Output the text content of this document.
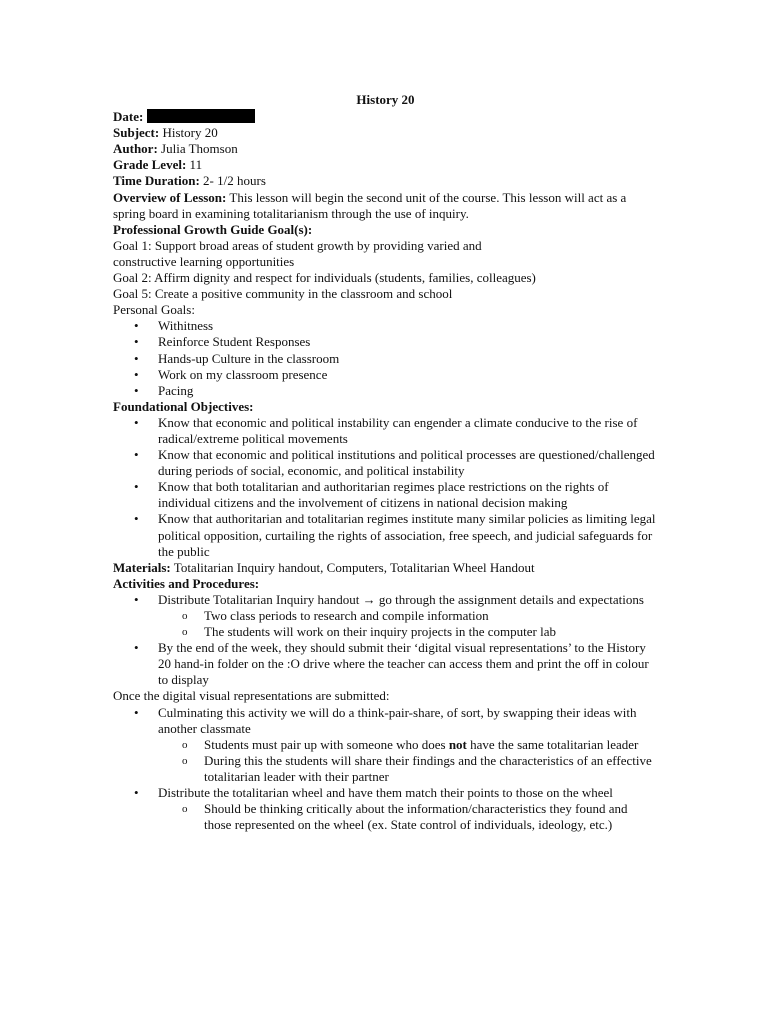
History 20
Date:
Subject: History 20
Author: Julia Thomson
Grade Level: 11
Time Duration: 2- 1/2 hours
Overview of Lesson: This lesson will begin the second unit of the course. This lesson will act as a spring board in examining totalitarianism through the use of inquiry.
Professional Growth Guide Goal(s):
Goal 1: Support broad areas of student growth by providing varied and
constructive learning opportunities
Goal 2: Affirm dignity and respect for individuals (students, families, colleagues)
Goal 5: Create a positive community in the classroom and school
Personal Goals:
• Withitness
• Reinforce Student Responses
• Hands-up Culture in the classroom
• Work on my classroom presence
• Pacing
Foundational Objectives:
• Know that economic and political instability can engender a climate conducive to the rise of radical/extreme political movements
• Know that economic and political institutions and political processes are questioned/challenged during periods of social, economic, and political instability
• Know that both totalitarian and authoritarian regimes place restrictions on the rights of individual citizens and the involvement of citizens in national decision making
• Know that authoritarian and totalitarian regimes institute many similar policies as limiting legal political opposition, curtailing the rights of association, free speech, and judicial safeguards for the public
Materials: Totalitarian Inquiry handout, Computers, Totalitarian Wheel Handout
Activities and Procedures:
• Distribute Totalitarian Inquiry handout → go through the assignment details and expectations
o Two class periods to research and compile information
o The students will work on their inquiry projects in the computer lab
• By the end of the week, they should submit their ‘digital visual representations’ to the History 20 hand-in folder on the :O drive where the teacher can access them and print the off in colour to display
Once the digital visual representations are submitted:
• Culminating this activity we will do a think-pair-share, of sort, by swapping their ideas with another classmate
o Students must pair up with someone who does not have the same totalitarian leader
o During this the students will share their findings and the characteristics of an effective totalitarian leader with their partner
• Distribute the totalitarian wheel and have them match their points to those on the wheel
o Should be thinking critically about the information/characteristics they found and those represented on the wheel (ex. State control of individuals, ideology, etc.)
